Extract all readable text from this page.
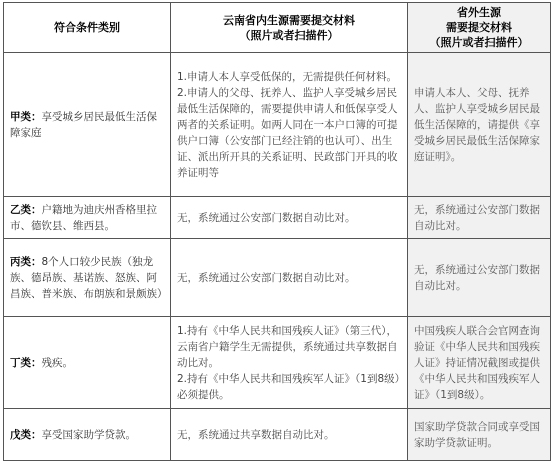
符合条件类别	云南省内生源需要提交材料
（照片或者扫描件）	省外生源
需要提交材料
（照片或者扫描件）

甲类：享受城乡居民最低生活保障家庭	1.申请人本人享受低保的，无需提供任何材料。
2.申请人的父母、抚养人、监护人享受城乡居民最低生活保障的，需要提供申请人和低保享受人两者的关系证明。如两人同在一本户口簿的可提供户口簿（公安部门已经注销的也认可）、出生证、派出所开具的关系证明、民政部门开具的收养证明等	申请人本人、父母、抚养人、监护人享受城乡居民最低生活保障的，请提供《享受城乡居民最低生活保障家庭证明》。

乙类：户籍地为迪庆州香格里拉市、德钦县、维西县。	无，系统通过公安部门数据自动比对。	无，系统通过公安部门数据自动比对。

丙类：8个人口较少民族（独龙族、德昂族、基诺族、怒族、阿昌族、普米族、布朗族和景颇族）	无，系统通过公安部门数据自动比对。	无，系统通过公安部门数据自动比对。

丁类：残疾。	1.持有《中华人民共和国残疾人证》（第三代），云南省户籍学生无需提供，系统通过共享数据自动比对。
2.持有《中华人民共和国残疾军人证》（1到8级）必须提供。	中国残疾人联合会官网查询验证《中华人民共和国残疾人证》持证情况截图或提供《中华人民共和国残疾军人证》（1到8级）。

戊类：享受国家助学贷款。	无，系统通过共享数据自动比对。	国家助学贷款合同或享受国家助学贷款证明。
